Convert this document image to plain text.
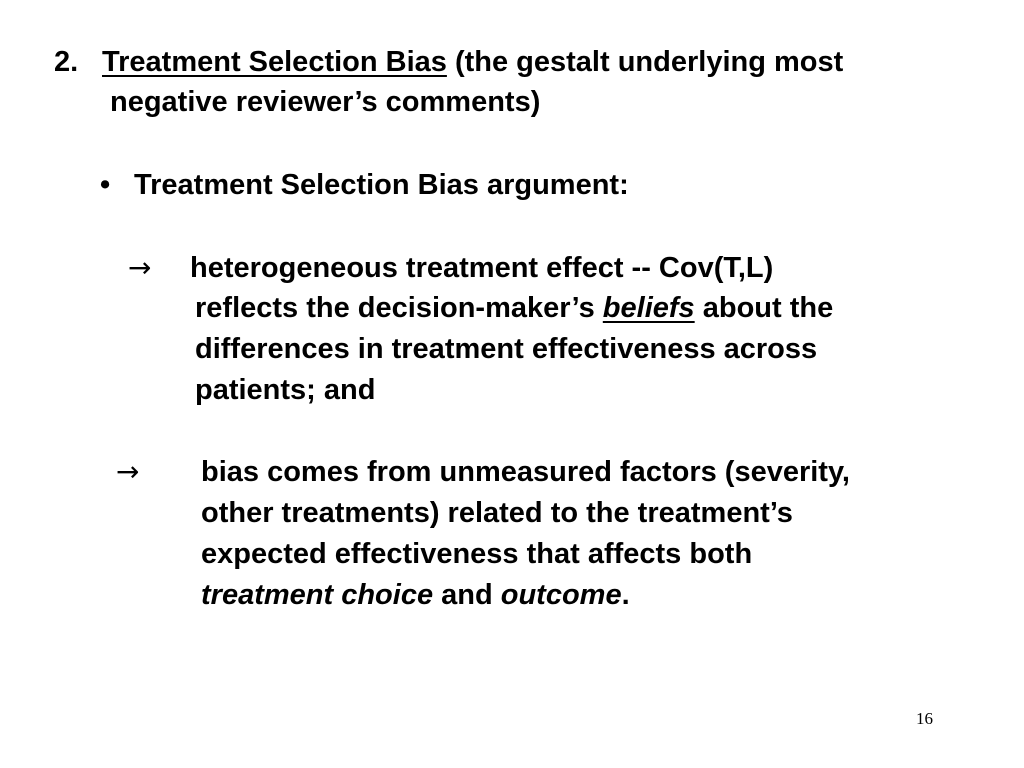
2. Treatment Selection Bias (the gestalt underlying most
negative reviewer’s comments)
• Treatment Selection Bias argument:
→ heterogeneous treatment effect -- Cov(T,L)
reflects the decision-maker’s beliefs about the
differences in treatment effectiveness across
patients; and
→ bias comes from unmeasured factors (severity,
other treatments) related to the treatment’s
expected effectiveness that affects both
treatment choice and outcome.
16
